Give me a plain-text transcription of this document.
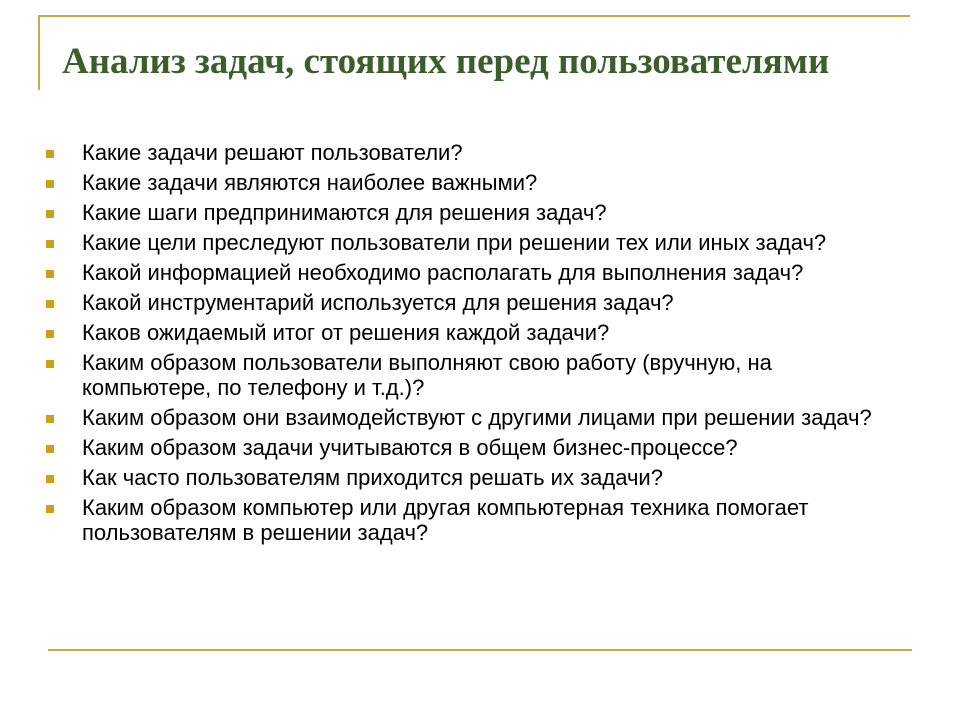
Анализ задач, стоящих перед пользователями
Какие задачи решают пользователи?
Какие задачи являются наиболее важными?
Какие шаги предпринимаются для решения задач?
Какие цели преследуют пользователи при решении тех или иных задач?
Какой информацией необходимо располагать для выполнения задач?
Какой инструментарий используется для решения задач?
Каков ожидаемый итог от решения каждой задачи?
Каким образом пользователи выполняют свою работу (вручную, на компьютере, по телефону и т.д.)?
Каким образом они взаимодействуют с другими лицами при решении задач?
Каким образом задачи учитываются в общем бизнес-процессе?
Как часто пользователям приходится решать их задачи?
Каким образом компьютер или другая компьютерная техника помогает пользователям в решении задач?
